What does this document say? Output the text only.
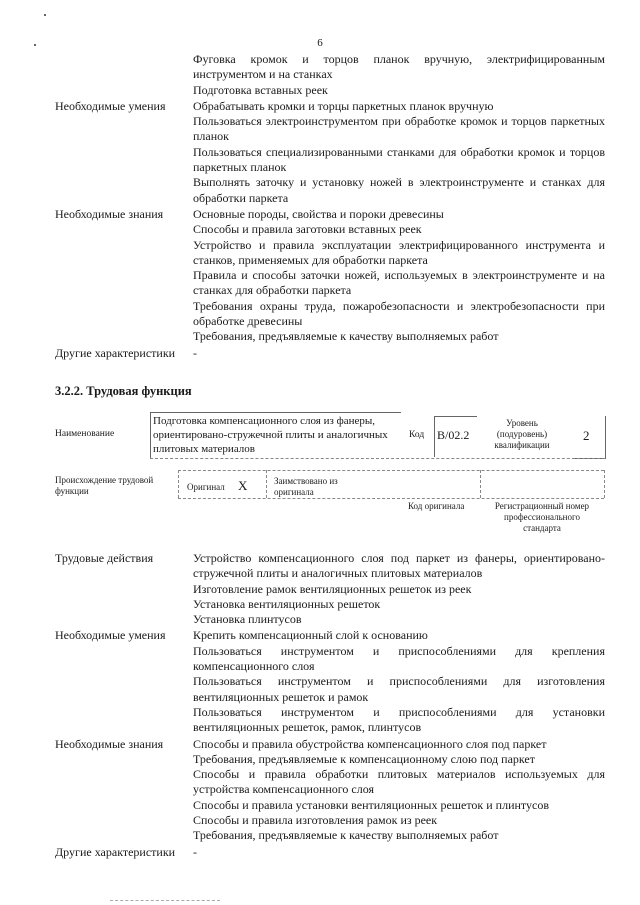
6
Фуговка кромок и торцов планок вручную, электрифицированным инструментом и на станках
Подготовка вставных реек
Необходимые умения	Обрабатывать кромки и торцы паркетных планок вручную
Пользоваться электроинструментом при обработке кромок и торцов паркетных планок
Пользоваться специализированными станками для обработки кромок и торцов паркетных планок
Выполнять заточку и установку ножей в электроинструменте и станках для обработки паркета
Необходимые знания	Основные породы, свойства и пороки древесины
Способы и правила заготовки вставных реек
Устройство и правила эксплуатации электрифицированного инструмента и станков, применяемых для обработки паркета
Правила и способы заточки ножей, используемых в электроинструменте и на станках для обработки паркета
Требования охраны труда, пожаробезопасности и электробезопасности при обработке древесины
Требования, предъявляемые к качеству выполняемых работ
Другие характеристики	-
3.2.2. Трудовая функция
Наименование
Подготовка компенсационного слоя из фанеры, ориентировано-стружечной плиты и аналогичных плитовых материалов
Код B/02.2
Уровень (подуровень) квалификации
2
Происхождение трудовой функции	Оригинал X	Заимствовано из оригинала
Код оригинала	Регистрационный номер профессионального стандарта
Трудовые действия	Устройство компенсационного слоя под паркет из фанеры, ориентировано-стружечной плиты и аналогичных плитовых материалов
Изготовление рамок вентиляционных решеток из реек
Установка вентиляционных решеток
Установка плинтусов
Необходимые умения	Крепить компенсационный слой к основанию
Пользоваться инструментом и приспособлениями для крепления компенсационного слоя
Пользоваться инструментом и приспособлениями для изготовления вентиляционных решеток и рамок
Пользоваться инструментом и приспособлениями для установки вентиляционных решеток, рамок, плинтусов
Необходимые знания	Способы и правила обустройства компенсационного слоя под паркет
Требования, предъявляемые к компенсационному слою под паркет
Способы и правила обработки плитовых материалов используемых для устройства компенсационного слоя
Способы и правила установки вентиляционных решеток и плинтусов
Способы и правила изготовления рамок из реек
Требования, предъявляемые к качеству выполняемых работ
Другие характеристики	-
